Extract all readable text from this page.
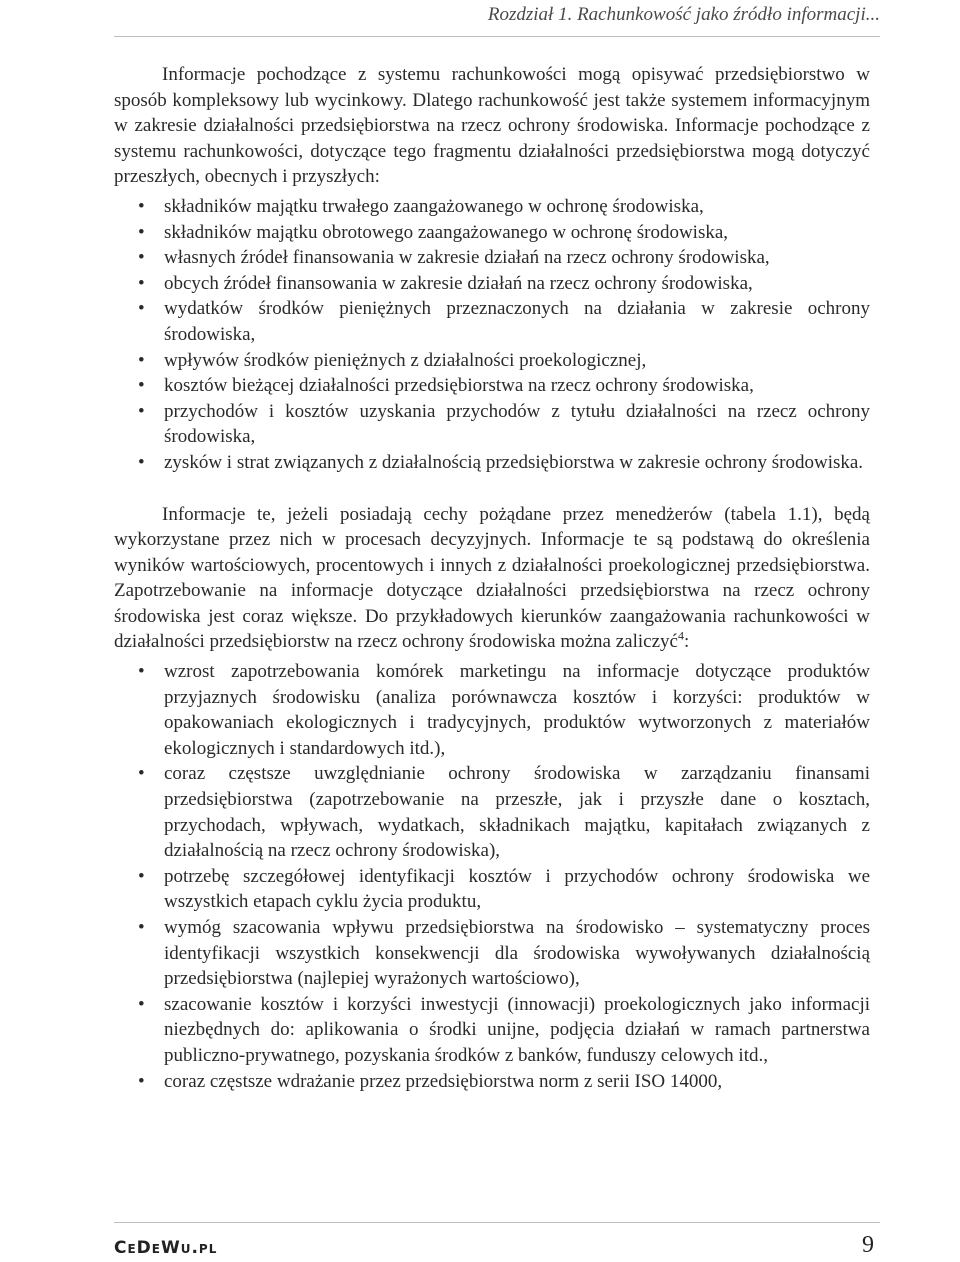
Rozdział 1. Rachunkowość jako źródło informacji...

Informacje pochodzące z systemu rachunkowości mogą opisywać przedsiębiorstwo w sposób kompleksowy lub wycinkowy. Dlatego rachunkowość jest także systemem informacyjnym w zakresie działalności przedsiębiorstwa na rzecz ochrony środowiska. Informacje pochodzące z systemu rachunkowości, dotyczące tego fragmentu działalności przedsiębiorstwa mogą dotyczyć przeszłych, obecnych i przyszłych:

• składników majątku trwałego zaangażowanego w ochronę środowiska,
• składników majątku obrotowego zaangażowanego w ochronę środowiska,
• własnych źródeł finansowania w zakresie działań na rzecz ochrony środowiska,
• obcych źródeł finansowania w zakresie działań na rzecz ochrony środowiska,
• wydatków środków pieniężnych przeznaczonych na działania w zakresie ochrony środowiska,
• wpływów środków pieniężnych z działalności proekologicznej,
• kosztów bieżącej działalności przedsiębiorstwa na rzecz ochrony środowiska,
• przychodów i kosztów uzyskania przychodów z tytułu działalności na rzecz ochrony środowiska,
• zysków i strat związanych z działalnością przedsiębiorstwa w zakresie ochrony środowiska.

Informacje te, jeżeli posiadają cechy pożądane przez menedżerów (tabela 1.1), będą wykorzystane przez nich w procesach decyzyjnych. Informacje te są podstawą do określenia wyników wartościowych, procentowych i innych z działalności proekologicznej przedsiębiorstwa. Zapotrzebowanie na informacje dotyczące działalności przedsiębiorstwa na rzecz ochrony środowiska jest coraz większe. Do przykładowych kierunków zaangażowania rachunkowości w działalności przedsiębiorstw na rzecz ochrony środowiska można zaliczyć$^4$:

• wzrost zapotrzebowania komórek marketingu na informacje dotyczące produktów przyjaznych środowisku (analiza porównawcza kosztów i korzyści: produktów w opakowaniach ekologicznych i tradycyjnych, produktów wytworzonych z materiałów ekologicznych i standardowych itd.),
• coraz częstsze uwzględnianie ochrony środowiska w zarządzaniu finansami przedsiębiorstwa (zapotrzebowanie na przeszłe, jak i przyszłe dane o kosztach, przychodach, wpływach, wydatkach, składnikach majątku, kapitałach związanych z działalnością na rzecz ochrony środowiska),
• potrzebę szczegółowej identyfikacji kosztów i przychodów ochrony środowiska we wszystkich etapach cyklu życia produktu,
• wymóg szacowania wpływu przedsiębiorstwa na środowisko – systematyczny proces identyfikacji wszystkich konsekwencji dla środowiska wywoływanych działalnością przedsiębiorstwa (najlepiej wyrażonych wartościowo),
• szacowanie kosztów i korzyści inwestycji (innowacji) proekologicznych jako informacji niezbędnych do: aplikowania o środki unijne, podjęcia działań w ramach partnerstwa publiczno-prywatnego, pozyskania środków z banków, funduszy celowych itd.,
• coraz częstsze wdrażanie przez przedsiębiorstwa norm z serii ISO 14000,
CeDeWu.pl	9
